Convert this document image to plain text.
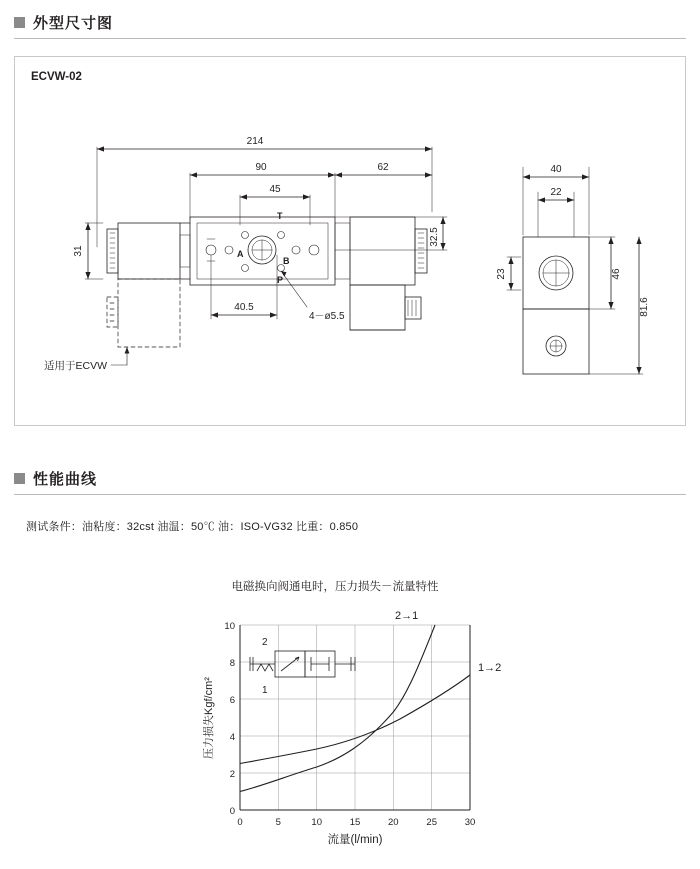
外型尺寸图
ECVW-02
214
90	62
45
40.5
32.5
31
40
22
23	46
81.6
T
P
A
B
4－ø5.5
适用于ECVW
性能曲线
测试条件：油粘度：32cst 油温：50℃ 油：ISO-VG32 比重：0.850
电磁换向阀通电时，压力损失－流量特性
0
2
4
6
8
10
0	5	10	15	20	25	30
流量(l/min)
压力损失Kgf/cm²
2→1
1→2
2
1
